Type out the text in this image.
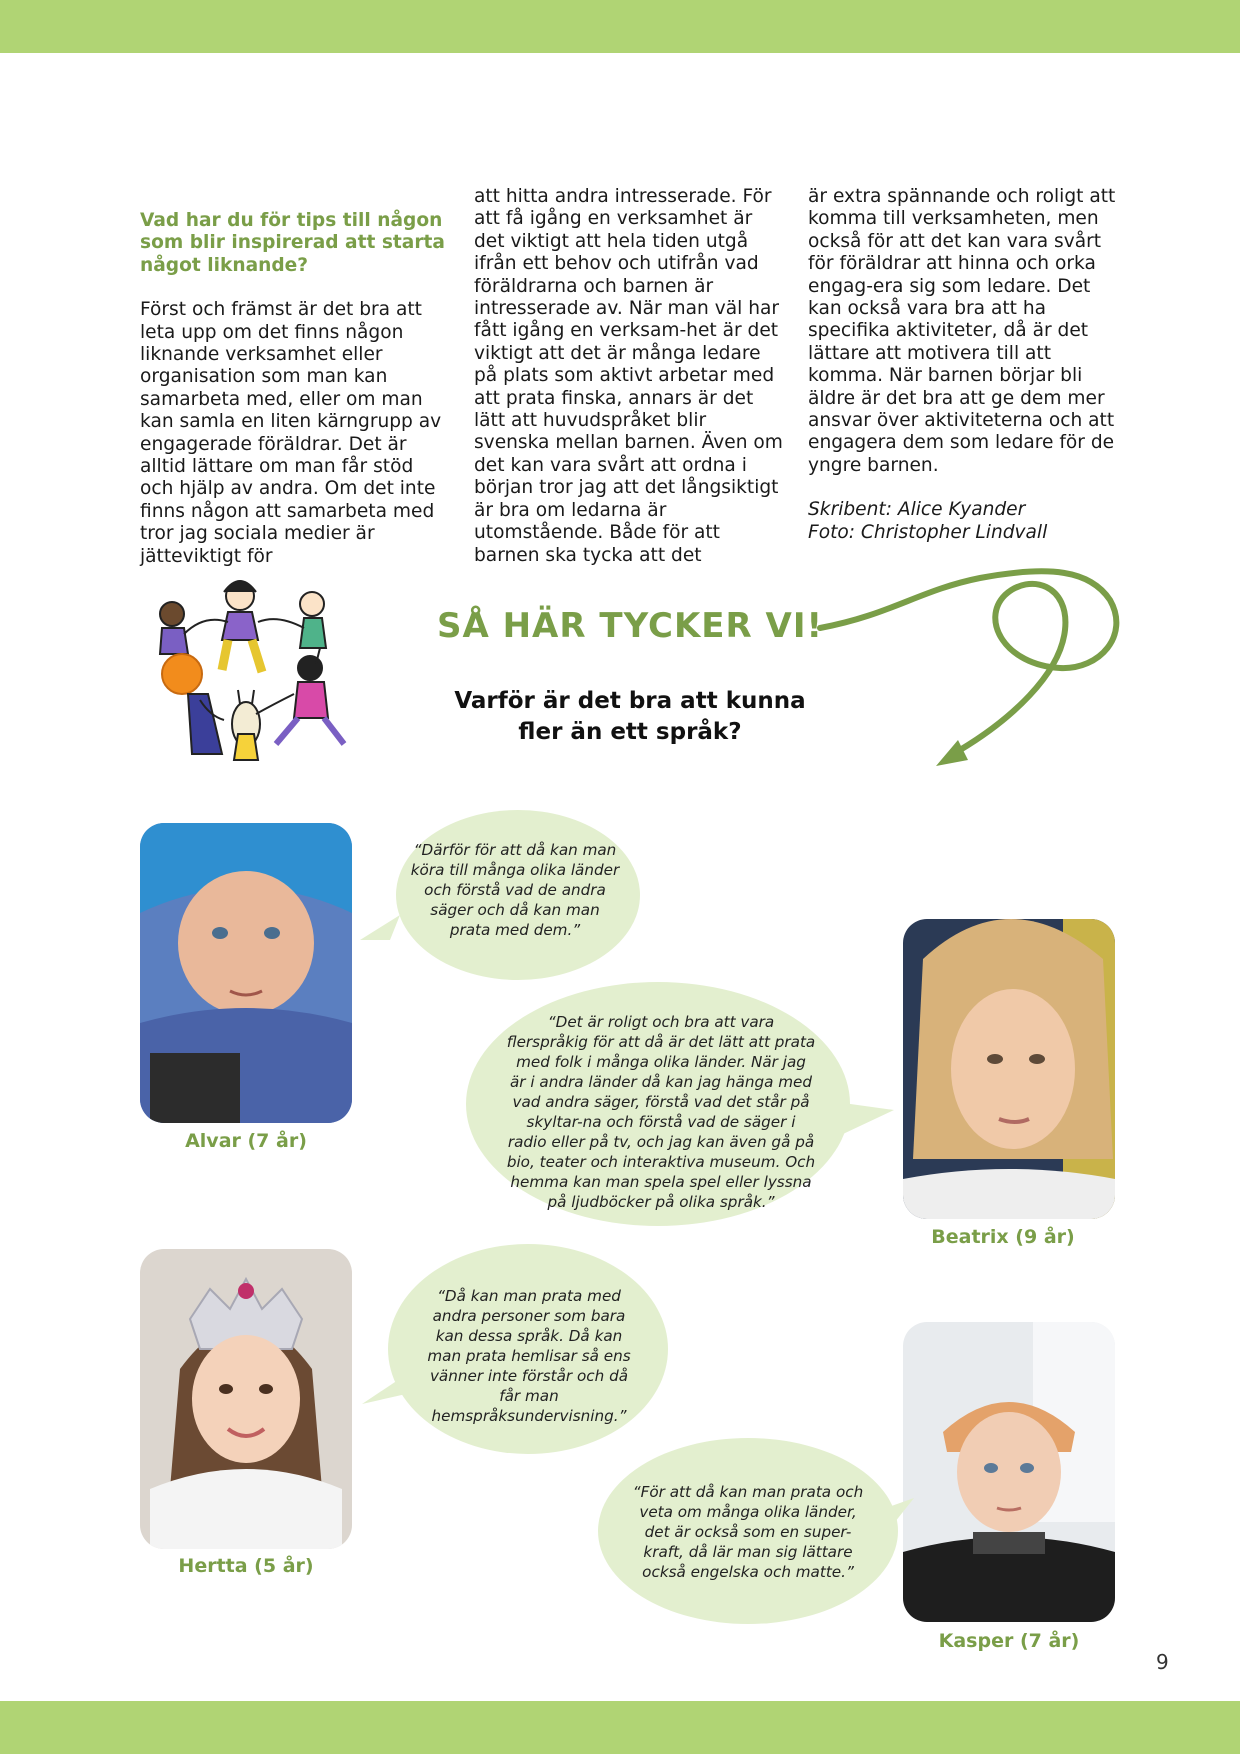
Vad har du för tips till någon som blir inspirerad att starta något liknande?

Först och främst är det bra att leta upp om det finns någon liknande verksamhet eller organisation som man kan samarbeta med, eller om man kan samla en liten kärngrupp av engagerade föräldrar. Det är alltid lättare om man får stöd och hjälp av andra. Om det inte finns någon att samarbeta med tror jag sociala medier är jätteviktigt för

att hitta andra intresserade. För att få igång en verksamhet är det viktigt att hela tiden utgå ifrån ett behov och utifrån vad föräldrarna och barnen är intresserade av. När man väl har fått igång en verksam-het är det viktigt att det är många ledare på plats som aktivt arbetar med att prata finska, annars är det lätt att huvudspråket blir svenska mellan barnen. Även om det kan vara svårt att ordna i början tror jag att det långsiktigt är bra om ledarna är utomstående. Både för att barnen ska tycka att det

är extra spännande och roligt att komma till verksamheten, men också för att det kan vara svårt för föräldrar att hinna och orka engag-era sig som ledare. Det kan också vara bra att ha specifika aktiviteter, då är det lättare att motivera till att komma. När barnen börjar bli äldre är det bra att ge dem mer ansvar över aktiviteterna och att engagera dem som ledare för de yngre barnen.

Skribent: Alice Kyander

Foto: Christopher Lindvall

SÅ HÄR TYCKER VI!
Varför är det bra att kunna fler än ett språk?

Alvar (7 år)

“Därför för att då kan man köra till många olika länder och förstå vad de andra säger och då kan man prata med dem.”

Beatrix (9 år)

“Det är roligt och bra att vara flerspråkig för att då är det lätt att prata med folk i många olika länder. När jag är i andra länder då kan jag hänga med vad andra säger, förstå vad det står på skyltar-na och förstå vad de säger i radio eller på tv, och jag kan även gå på bio, teater och interaktiva museum. Och hemma kan man spela spel eller lyssna på ljudböcker på olika språk.”

Hertta (5 år)

“Då kan man prata med andra personer som bara kan dessa språk. Då kan man prata hemlisar så ens vänner inte förstår och då får man hemspråksundervisning.”

Kasper (7 år)

“För att då kan man prata och veta om många olika länder, det är också som en super-kraft, då lär man sig lättare också engelska och matte.”
9
